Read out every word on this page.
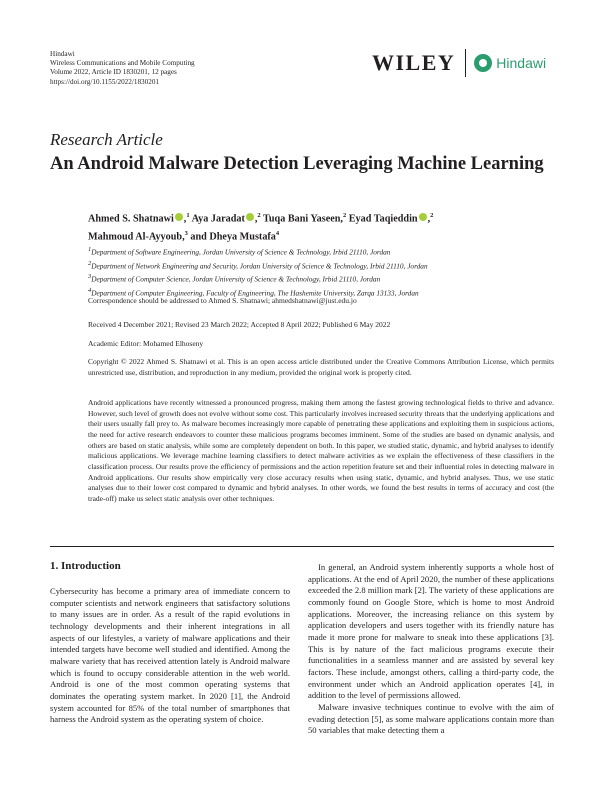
Hindawi
Wireless Communications and Mobile Computing
Volume 2022, Article ID 1830201, 12 pages
https://doi.org/10.1155/2022/1830201
WILEY	Hindawi
Research Article
An Android Malware Detection Leveraging Machine Learning
Ahmed S. Shatnawi ,$^1$ Aya Jaradat ,$^2$ Tuqa Bani Yaseen,$^2$ Eyad Taqieddin ,$^2$
Mahmoud Al-Ayyoub,$^3$ and Dheya Mustafa$^4$
$^1$Department of Software Engineering, Jordan University of Science & Technology, Irbid 21110, Jordan
$^2$Department of Network Engineering and Security, Jordan University of Science & Technology, Irbid 21110, Jordan
$^3$Department of Computer Science, Jordan University of Science & Technology, Irbid 21110, Jordan
$^4$Department of Computer Engineering, Faculty of Engineering, The Hashemite University, Zarqa 13133, Jordan
Correspondence should be addressed to Ahmed S. Shatnawi; ahmedshatnawi@just.edu.jo
Received 4 December 2021; Revised 23 March 2022; Accepted 8 April 2022; Published 6 May 2022
Academic Editor: Mohamed Elhoseny
Copyright © 2022 Ahmed S. Shatnawi et al. This is an open access article distributed under the Creative Commons Attribution License, which permits unrestricted use, distribution, and reproduction in any medium, provided the original work is properly cited.
Android applications have recently witnessed a pronounced progress, making them among the fastest growing technological fields to thrive and advance. However, such level of growth does not evolve without some cost. This particularly involves increased security threats that the underlying applications and their users usually fall prey to. As malware becomes increasingly more capable of penetrating these applications and exploiting them in suspicious actions, the need for active research endeavors to counter these malicious programs becomes imminent. Some of the studies are based on dynamic analysis, and others are based on static analysis, while some are completely dependent on both. In this paper, we studied static, dynamic, and hybrid analyses to identify malicious applications. We leverage machine learning classifiers to detect malware activities as we explain the effectiveness of these classifiers in the classification process. Our results prove the efficiency of permissions and the action repetition feature set and their influential roles in detecting malware in Android applications. Our results show empirically very close accuracy results when using static, dynamic, and hybrid analyses. Thus, we use static analyses due to their lower cost compared to dynamic and hybrid analyses. In other words, we found the best results in terms of accuracy and cost (the trade-off) make us select static analysis over other techniques.
1. Introduction

Cybersecurity has become a primary area of immediate concern to computer scientists and network engineers that satisfactory solutions to many issues are in order. As a result of the rapid evolutions in technology developments and their inherent integrations in all aspects of our lifestyles, a variety of malware applications and their intended targets have become well studied and identified. Among the malware variety that has received attention lately is Android malware which is found to occupy considerable attention in the web world. Android is one of the most common operating systems that dominates the operating system market. In 2020 [1], the Android system accounted for 85% of the total number of smartphones that harness the Android system as the operating system of choice.

In general, an Android system inherently supports a whole host of applications. At the end of April 2020, the number of these applications exceeded the 2.8 million mark [2]. The variety of these applications are commonly found on Google Store, which is home to most Android applications. Moreover, the increasing reliance on this system by application developers and users together with its friendly nature has made it more prone for malware to sneak into these applications [3]. This is by nature of the fact malicious programs execute their functionalities in a seamless manner and are assisted by several key factors. These include, amongst others, calling a third-party code, the environment under which an Android application operates [4], in addition to the level of permissions allowed.

Malware invasive techniques continue to evolve with the aim of evading detection [5], as some malware applications contain more than 50 variables that make detecting them a
